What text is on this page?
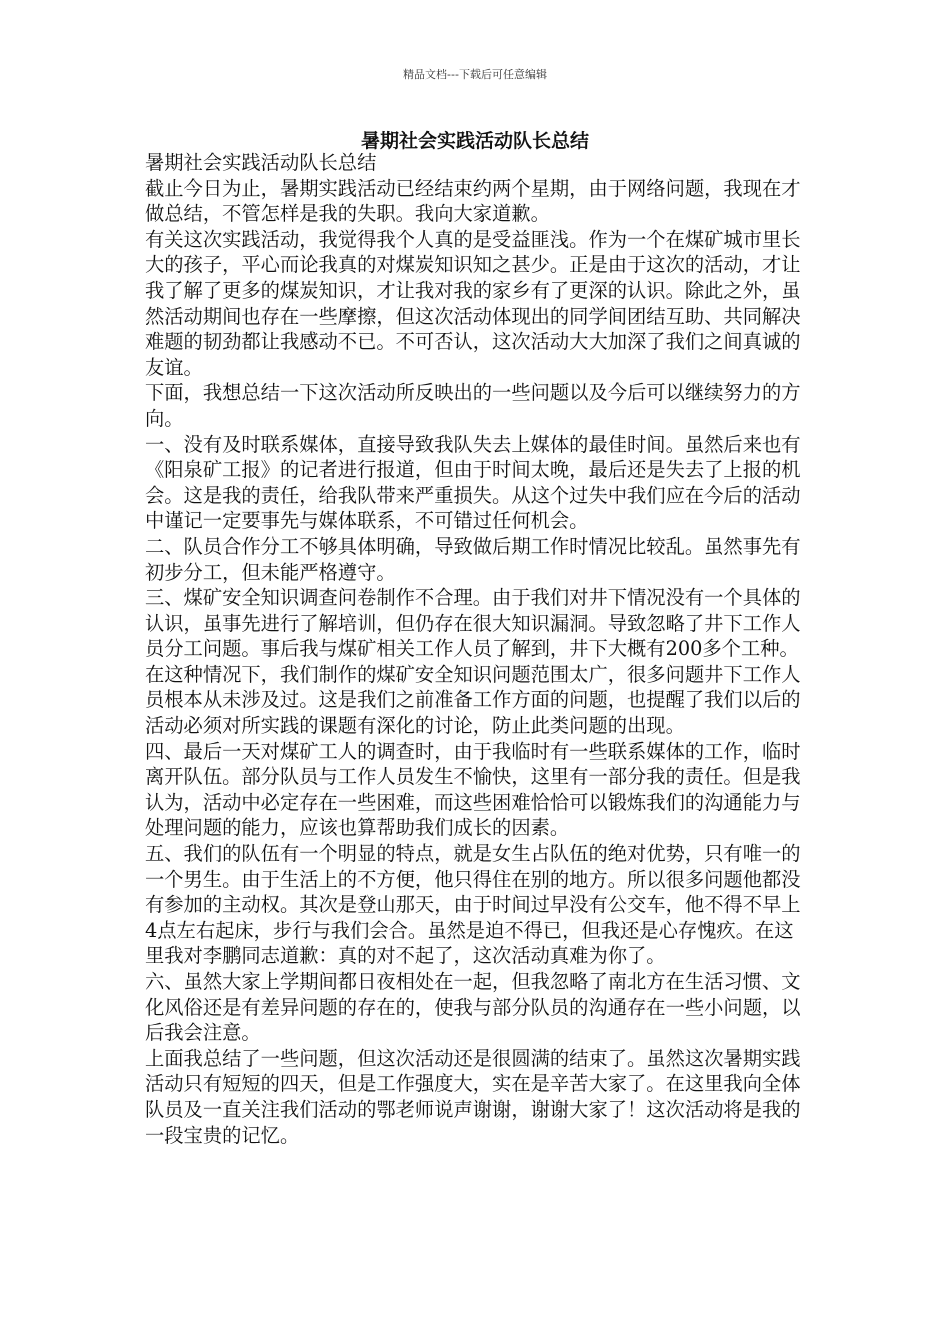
精品文档---下载后可任意编辑
暑期社会实践活动队长总结

暑期社会实践活动队长总结

截止今日为止，暑期实践活动已经结束约两个星期，由于网络问题，我现在才做总结，不管怎样是我的失职。我向大家道歉。

有关这次实践活动，我觉得我个人真的是受益匪浅。作为一个在煤矿城市里长大的孩子，平心而论我真的对煤炭知识知之甚少。正是由于这次的活动，才让我了解了更多的煤炭知识，才让我对我的家乡有了更深的认识。除此之外，虽然活动期间也存在一些摩擦，但这次活动体现出的同学间团结互助、共同解决难题的韧劲都让我感动不已。不可否认，这次活动大大加深了我们之间真诚的友谊。

下面，我想总结一下这次活动所反映出的一些问题以及今后可以继续努力的方向。

一、没有及时联系媒体，直接导致我队失去上媒体的最佳时间。虽然后来也有《阳泉矿工报》的记者进行报道，但由于时间太晚，最后还是失去了上报的机会。这是我的责任，给我队带来严重损失。从这个过失中我们应在今后的活动中谨记一定要事先与媒体联系，不可错过任何机会。

二、队员合作分工不够具体明确，导致做后期工作时情况比较乱。虽然事先有初步分工，但未能严格遵守。

三、煤矿安全知识调查问卷制作不合理。由于我们对井下情况没有一个具体的认识，虽事先进行了解培训，但仍存在很大知识漏洞。导致忽略了井下工作人员分工问题。事后我与煤矿相关工作人员了解到，井下大概有200多个工种。在这种情况下，我们制作的煤矿安全知识问题范围太广，很多问题井下工作人员根本从未涉及过。这是我们之前准备工作方面的问题，也提醒了我们以后的活动必须对所实践的课题有深化的讨论，防止此类问题的出现。

四、最后一天对煤矿工人的调查时，由于我临时有一些联系媒体的工作，临时离开队伍。部分队员与工作人员发生不愉快，这里有一部分我的责任。但是我认为，活动中必定存在一些困难，而这些困难恰恰可以锻炼我们的沟通能力与处理问题的能力，应该也算帮助我们成长的因素。

五、我们的队伍有一个明显的特点，就是女生占队伍的绝对优势，只有唯一的一个男生。由于生活上的不方便，他只得住在别的地方。所以很多问题他都没有参加的主动权。其次是登山那天，由于时间过早没有公交车，他不得不早上4点左右起床，步行与我们会合。虽然是迫不得已，但我还是心存愧疚。在这里我对李鹏同志道歉：真的对不起了，这次活动真难为你了。

六、虽然大家上学期间都日夜相处在一起，但我忽略了南北方在生活习惯、文化风俗还是有差异问题的存在的，使我与部分队员的沟通存在一些小问题，以后我会注意。

上面我总结了一些问题，但这次活动还是很圆满的结束了。虽然这次暑期实践活动只有短短的四天，但是工作强度大，实在是辛苦大家了。在这里我向全体队员及一直关注我们活动的鄂老师说声谢谢，谢谢大家了！这次活动将是我的一段宝贵的记忆。
